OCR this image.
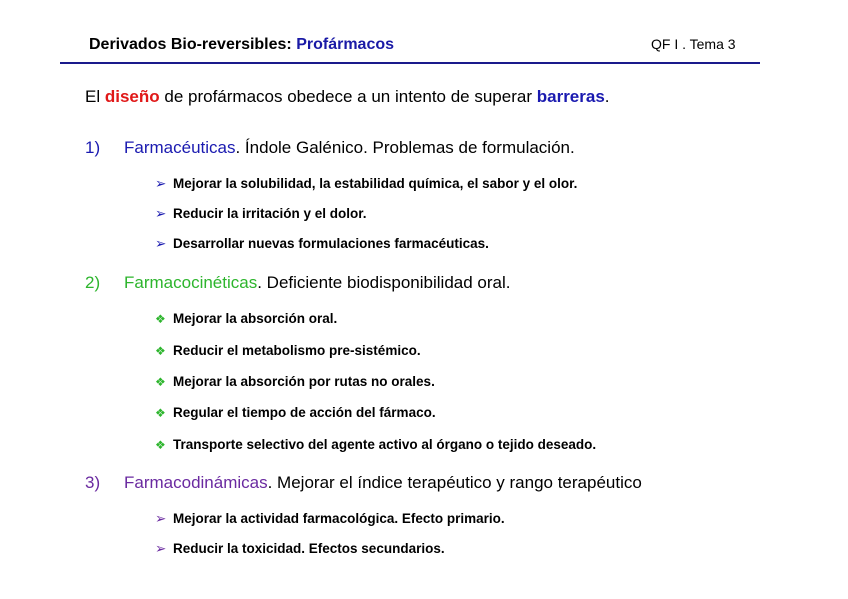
Derivados Bio-reversibles: Profármacos	QF I . Tema 3
El diseño de profármacos obedece a un intento de superar barreras.
1) Farmacéuticas. Índole Galénico. Problemas de formulación.
➢ Mejorar la solubilidad, la estabilidad química, el sabor y el olor.
➢ Reducir la irritación y el dolor.
➢ Desarrollar nuevas formulaciones farmacéuticas.
2) Farmacocinéticas. Deficiente biodisponibilidad oral.
❖ Mejorar la absorción oral.
❖ Reducir el metabolismo pre-sistémico.
❖ Mejorar la absorción por rutas no orales.
❖ Regular el tiempo de acción del fármaco.
❖ Transporte selectivo del agente activo al órgano o tejido deseado.
3) Farmacodinámicas. Mejorar el índice terapéutico y rango terapéutico
➢ Mejorar la actividad farmacológica. Efecto primario.
➢ Reducir la toxicidad. Efectos secundarios.
